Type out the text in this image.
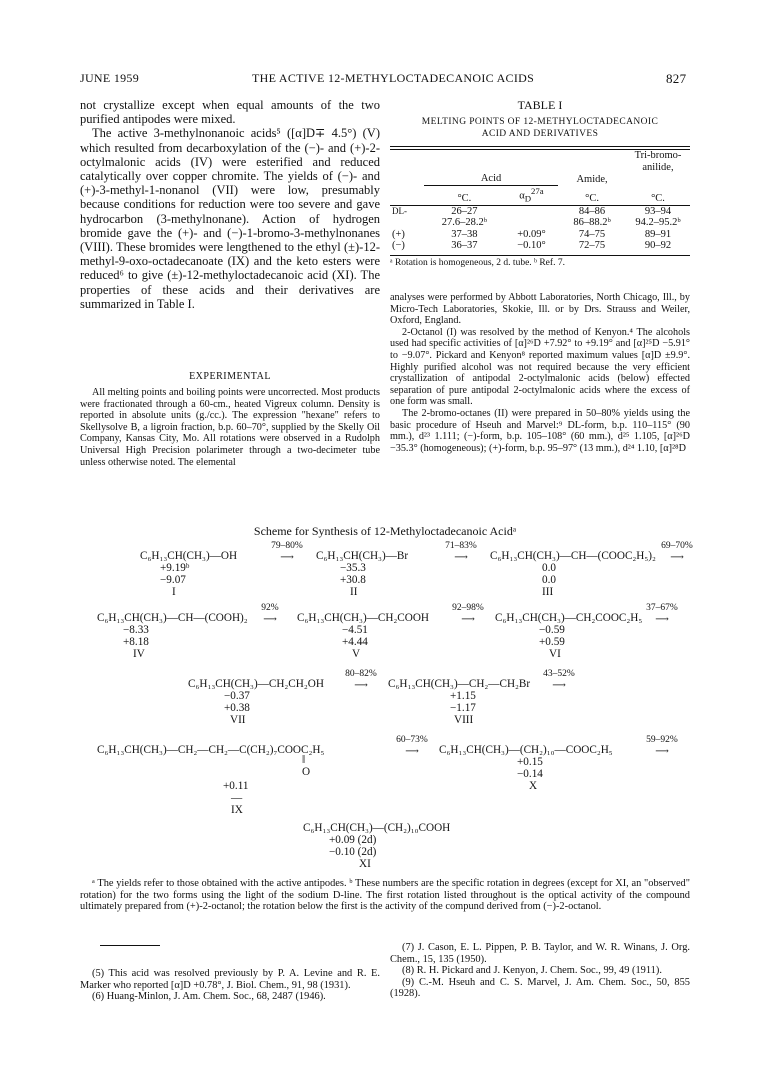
JUNE 1959	THE ACTIVE 12-METHYLOCTADECANOIC ACIDS	827

not crystallize except when equal amounts of the two purified antipodes were mixed.

The active 3-methylnonanoic acids⁵ ([α]D∓ 4.5°) (V) which resulted from decarboxylation of the (−)- and (+)-2-octylmalonic acids (IV) were esterified and reduced catalytically over copper chromite. The yields of (−)- and (+)-3-methyl-1-nonanol (VII) were low, presumably because conditions for reduction were too severe and gave hydrocarbon (3-methylnonane). Action of hydrogen bromide gave the (+)- and (−)-1-bromo-3-methylnonanes (VIII). These bromides were lengthened to the ethyl (±)-12-methyl-9-oxo-octadecanoate (IX) and the keto esters were reduced⁶ to give (±)-12-methyloctadecanoic acid (XI). The properties of these acids and their derivatives are summarized in Table I.

EXPERIMENTAL

All melting points and boiling points were uncorrected. Most products were fractionated through a 60-cm., heated Vigreux column. Density is reported in absolute units (g./cc.). The expression "hexane" refers to Skellysolve B, a ligroin fraction, b.p. 60–70°, supplied by the Skelly Oil Company, Kansas City, Mo. All rotations were observed in a Rudolph Universal High Precision polarimeter through a two-decimeter tube unless otherwise noted. The elemental

TABLE I
MELTING POINTS OF 12-METHYLOCTADECANOIC ACID AND DERIVATIVES
				Tri-bromo-anilide,
	Acid		Amide,	
	°C.	$\alpha_D^{27a}$	°C.	°C.
DL-	26–27		84–86	93–94
	27.6–28.2ᵇ		86–88.2ᵇ	94.2–95.2ᵇ
(+)	37–38	+0.09°	74–75	89–91
(−)	36–37	−0.10°	72–75	90–92
ᵃ Rotation is homogeneous, 2 d. tube. ᵇ Ref. 7.

analyses were performed by Abbott Laboratories, North Chicago, Ill., by Micro-Tech Laboratories, Skokie, Ill. or by Drs. Strauss and Weiler, Oxford, England.

2-Octanol (I) was resolved by the method of Kenyon.⁴ The alcohols used had specific activities of [α]²⁶D +7.92° to +9.19° and [α]²⁵D −5.91° to −9.07°. Pickard and Kenyon⁸ reported maximum values [α]D ±9.9°. Highly purified alcohol was not required because the very efficient crystallization of antipodal 2-octylmalonic acids (below) effected separation of pure antipodal 2-octylmalonic acids where the excess of one form was small.

The 2-bromo-octanes (II) were prepared in 50–80% yields using the basic procedure of Hseuh and Marvel:⁹ DL-form, b.p. 110–115° (90 mm.), d²³ 1.111; (−)-form, b.p. 105–108° (60 mm.), d²⁵ 1.105, [α]²⁶D −35.3° (homogeneous); (+)-form, b.p. 95–97° (13 mm.), d²⁴ 1.10, [α]²⁸D

Scheme for Synthesis of 12-Methyloctadecanoic Acidᵃ
C₆H₁₃CH(CH₃)—OH
+9.19ᵇ
−9.07
I
79–80%
⟶	C₆H₁₃CH(CH₃)—Br
−35.3
+30.8
II
71–83%
⟶	C₆H₁₃CH(CH₃)—CH—(COOC₂H₅)₂
0.0
0.0
III
69–70%
⟶
C₆H₁₃CH(CH₃)—CH—(COOH)₂
−8.33
+8.18
IV
92%
⟶	C₆H₁₃CH(CH₃)—CH₂COOH
−4.51
+4.44
V
92–98%
⟶	C₆H₁₃CH(CH₃)—CH₂COOC₂H₅
−0.59
+0.59
VI
37–67%
⟶
C₆H₁₃CH(CH₃)—CH₂CH₂OH
−0.37
+0.38
VII
80–82%
⟶	C₆H₁₃CH(CH₃)—CH₂—CH₂Br
+1.15
−1.17
VIII
43–52%
⟶
C₆H₁₃CH(CH₃)—CH₂—CH₂—C(CH₂)₇COOC₂H₅
‖
O
+0.11
—
IX
60–73%
⟶	C₆H₁₃CH(CH₃)—(CH₂)₁₀—COOC₂H₅
+0.15
−0.14
X
59–92%
⟶
C₆H₁₃CH(CH₃)—(CH₂)₁₀COOH
+0.09 (2d)
−0.10 (2d)
XI

ᵃ The yields refer to those obtained with the active antipodes. ᵇ These numbers are the specific rotation in degrees (except for XI, an "observed" rotation) for the two forms using the light of the sodium D-line. The first rotation listed throughout is the optical activity of the compound ultimately prepared from (+)-2-octanol; the rotation below the first is the activity of the compund derived from (−)-2-octanol.

(5) This acid was resolved previously by P. A. Levine and R. E. Marker who reported [α]D +0.78°, J. Biol. Chem., 91, 98 (1931).

(6) Huang-Minlon, J. Am. Chem. Soc., 68, 2487 (1946).

(7) J. Cason, E. L. Pippen, P. B. Taylor, and W. R. Winans, J. Org. Chem., 15, 135 (1950).

(8) R. H. Pickard and J. Kenyon, J. Chem. Soc., 99, 49 (1911).

(9) C.-M. Hseuh and C. S. Marvel, J. Am. Chem. Soc., 50, 855 (1928).
